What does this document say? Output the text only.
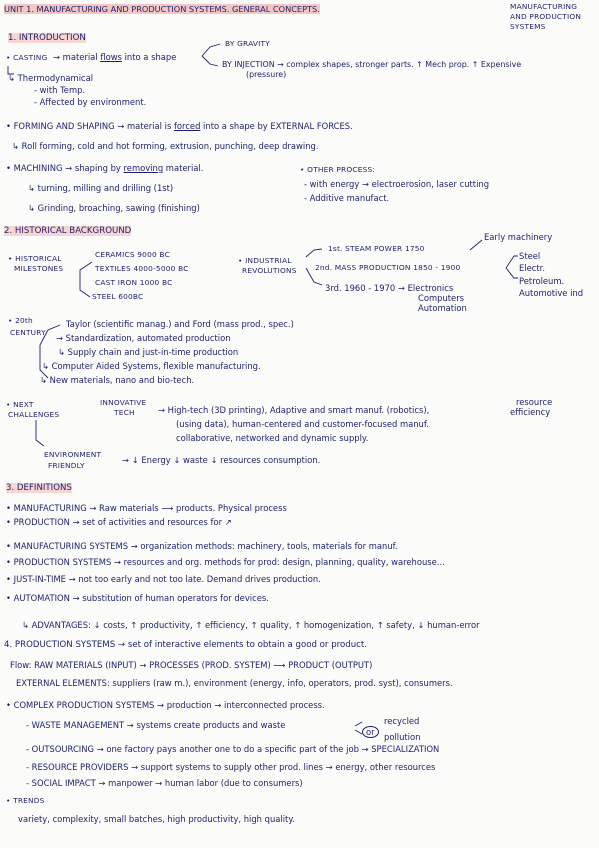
UNIT 1. MANUFACTURING AND PRODUCTION SYSTEMS. GENERAL CONCEPTS.	MANUFACTURING
AND PRODUCTION
SYSTEMS
1. INTRODUCTION
• CASTING → material flows into a shape
BY GRAVITY
BY INJECTION → complex shapes, stronger parts. ↑ Mech prop. ↑ Expensive
(pressure)
↳ Thermodynamical
- with Temp.
- Affected by environment.
• FORMING AND SHAPING → material is forced into a shape by EXTERNAL FORCES.
↳ Roll forming, cold and hot forming, extrusion, punching, deep drawing.
• MACHINING → shaping by removing material.
↳ turning, milling and drilling (1st)
↳ Grinding, broaching, sawing (finishing)
• OTHER PROCESS:
- with energy → electroerosion, laser cutting
- Additive manufact.
2. HISTORICAL BACKGROUND
• HISTORICAL
MILESTONES
CERAMICS 9000 BC
TEXTILES 4000-5000 BC
CAST IRON 1000 BC
STEEL 600BC
• INDUSTRIAL
REVOLUTIONS
1st. STEAM POWER 1750
2nd. MASS PRODUCTION 1850 - 1900
3rd. 1960 - 1970 → Electronics
Computers
Automation
Early machinery
Steel
Electr.
Petroleum.
Automotive ind
• 20th
CENTURY
Taylor (scientific manag.) and Ford (mass prod., spec.)
→ Standardization, automated production
↳ Supply chain and just-in-time production
↳ Computer Aided Systems, flexible manufacturing.
↳ New materials, nano and bio-tech.
• NEXT
CHALLENGES
INNOVATIVE
TECH	→ High-tech (3D printing), Adaptive and smart manuf. (robotics),
resource
efficiency
(using data), human-centered and customer-focused manuf.
collaborative, networked and dynamic supply.
ENVIRONMENT
FRIENDLY
→ ↓ Energy ↓ waste ↓ resources consumption.
3. DEFINITIONS
• MANUFACTURING → Raw materials ⟶ products. Physical process
• PRODUCTION → set of activities and resources for ↗
• MANUFACTURING SYSTEMS → organization methods: machinery, tools, materials for manuf.
• PRODUCTION SYSTEMS → resources and org. methods for prod: design, planning, quality, warehouse...
• JUST-IN-TIME → not too early and not too late. Demand drives production.
• AUTOMATION → substitution of human operators for devices.
↳ ADVANTAGES: ↓ costs, ↑ productivity, ↑ efficiency, ↑ quality, ↑ homogenization, ↑ safety, ↓ human-error
4. PRODUCTION SYSTEMS → set of interactive elements to obtain a good or product.
Flow: RAW MATERIALS (INPUT) → PROCESSES (PROD. SYSTEM) ⟶ PRODUCT (OUTPUT)
EXTERNAL ELEMENTS: suppliers (raw m.), environment (energy, info, operators, prod. syst), consumers.
• COMPLEX PRODUCTION SYSTEMS → production → interconnected process.
- WASTE MANAGEMENT → systems create products and waste
or
recycled
pollution
- OUTSOURCING → one factory pays another one to do a specific part of the job → SPECIALIZATION
- RESOURCE PROVIDERS → support systems to supply other prod. lines → energy, other resources
- SOCIAL IMPACT → manpower → human labor (due to consumers)
• TRENDS
variety, complexity, small batches, high productivity, high quality.
